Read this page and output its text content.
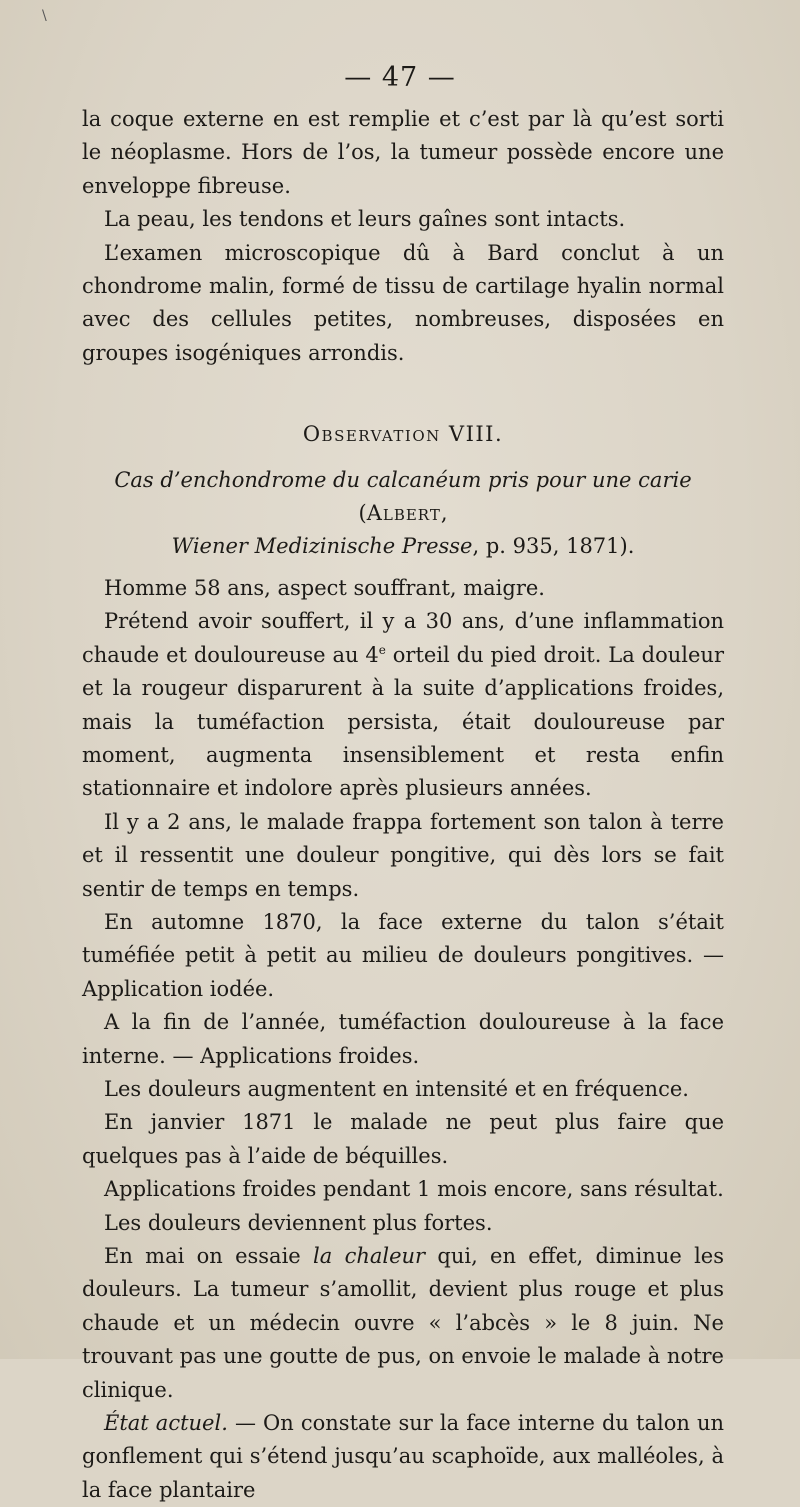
\
— 47 —

la coque externe en est remplie et c’est par là qu’est sorti le néoplasme. Hors de l’os, la tumeur possède encore une enveloppe fibreuse.

La peau, les tendons et leurs gaînes sont intacts.

L’examen microscopique dû à Bard conclut à un chondrome malin, formé de tissu de cartilage hyalin normal avec des cellules petites, nombreuses, disposées en groupes isogéniques arrondis.

Observation VIII.

Cas d’enchondrome du calcanéum pris pour une carie (Albert,

Wiener Medizinische Presse, p. 935, 1871).

Homme 58 ans, aspect souffrant, maigre.

Prétend avoir souffert, il y a 30 ans, d’une inflammation chaude et douloureuse au 4e orteil du pied droit. La douleur et la rougeur disparurent à la suite d’applications froides, mais la tuméfaction persista, était douloureuse par moment, augmenta insensiblement et resta enfin stationnaire et indolore après plusieurs années.

Il y a 2 ans, le malade frappa fortement son talon à terre et il ressentit une douleur pongitive, qui dès lors se fait sentir de temps en temps.

En automne 1870, la face externe du talon s’était tuméfiée petit à petit au milieu de douleurs pongitives. — Application iodée.

A la fin de l’année, tuméfaction douloureuse à la face interne. — Applications froides.

Les douleurs augmentent en intensité et en fréquence.

En janvier 1871 le malade ne peut plus faire que quelques pas à l’aide de béquilles.

Applications froides pendant 1 mois encore, sans résultat.

Les douleurs deviennent plus fortes.

En mai on essaie la chaleur qui, en effet, diminue les douleurs. La tumeur s’amollit, devient plus rouge et plus chaude et un médecin ouvre « l’abcès » le 8 juin. Ne trouvant pas une goutte de pus, on envoie le malade à notre clinique.

État actuel. — On constate sur la face interne du talon un gonflement qui s’étend jusqu’au scaphoïde, aux malléoles, à la face plantaire
